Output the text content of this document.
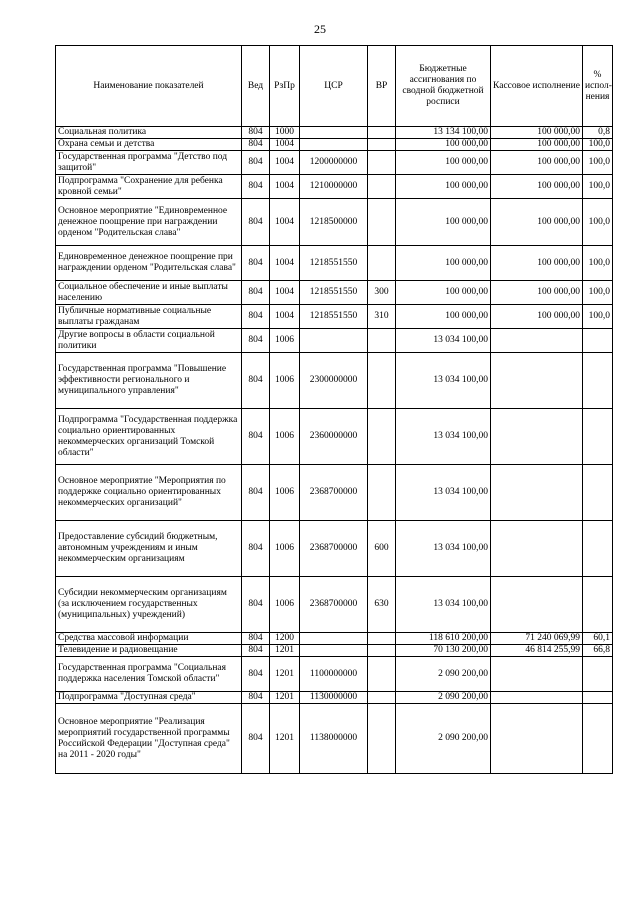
25
Наименование показателей	Вед	РзПр	ЦСР	ВР	Бюджетные ассигнования по сводной бюджетной росписи	Кассовое исполнение	% испол-нения
Социальная политика	804	1000			13 134 100,00	100 000,00	0,8
Охрана семьи и детства	804	1004			100 000,00	100 000,00	100,0
Государственная программа "Детство под защитой"	804	1004	1200000000		100 000,00	100 000,00	100,0
Подпрограмма "Сохранение для ребенка кровной семьи"	804	1004	1210000000		100 000,00	100 000,00	100,0
Основное мероприятие "Единовременное денежное поощрение при награждении орденом "Родительская слава"	804	1004	1218500000		100 000,00	100 000,00	100,0
Единовременное денежное поощрение при награждении орденом "Родительская слава"	804	1004	1218551550		100 000,00	100 000,00	100,0
Социальное обеспечение и иные выплаты населению	804	1004	1218551550	300	100 000,00	100 000,00	100,0
Публичные нормативные социальные выплаты гражданам	804	1004	1218551550	310	100 000,00	100 000,00	100,0
Другие вопросы в области социальной политики	804	1006			13 034 100,00		
Государственная программа "Повышение эффективности регионального и муниципального управления"	804	1006	2300000000		13 034 100,00		
Подпрограмма "Государственная поддержка социально ориентированных некоммерческих организаций Томской области"	804	1006	2360000000		13 034 100,00		
Основное мероприятие "Мероприятия по поддержке социально ориентированных некоммерческих организаций"	804	1006	2368700000		13 034 100,00		
Предоставление субсидий бюджетным, автономным учреждениям и иным некоммерческим организациям	804	1006	2368700000	600	13 034 100,00		
Субсидии некоммерческим организациям (за исключением государственных (муниципальных) учреждений)	804	1006	2368700000	630	13 034 100,00		
Средства массовой информации	804	1200			118 610 200,00	71 240 069,99	60,1
Телевидение и радиовещание	804	1201			70 130 200,00	46 814 255,99	66,8
Государственная программа "Социальная поддержка населения Томской области"	804	1201	1100000000		2 090 200,00		
Подпрограмма "Доступная среда"	804	1201	1130000000		2 090 200,00		
Основное мероприятие "Реализация мероприятий государственной программы Российской Федерации "Доступная среда" на 2011 - 2020 годы"	804	1201	1138000000		2 090 200,00		
